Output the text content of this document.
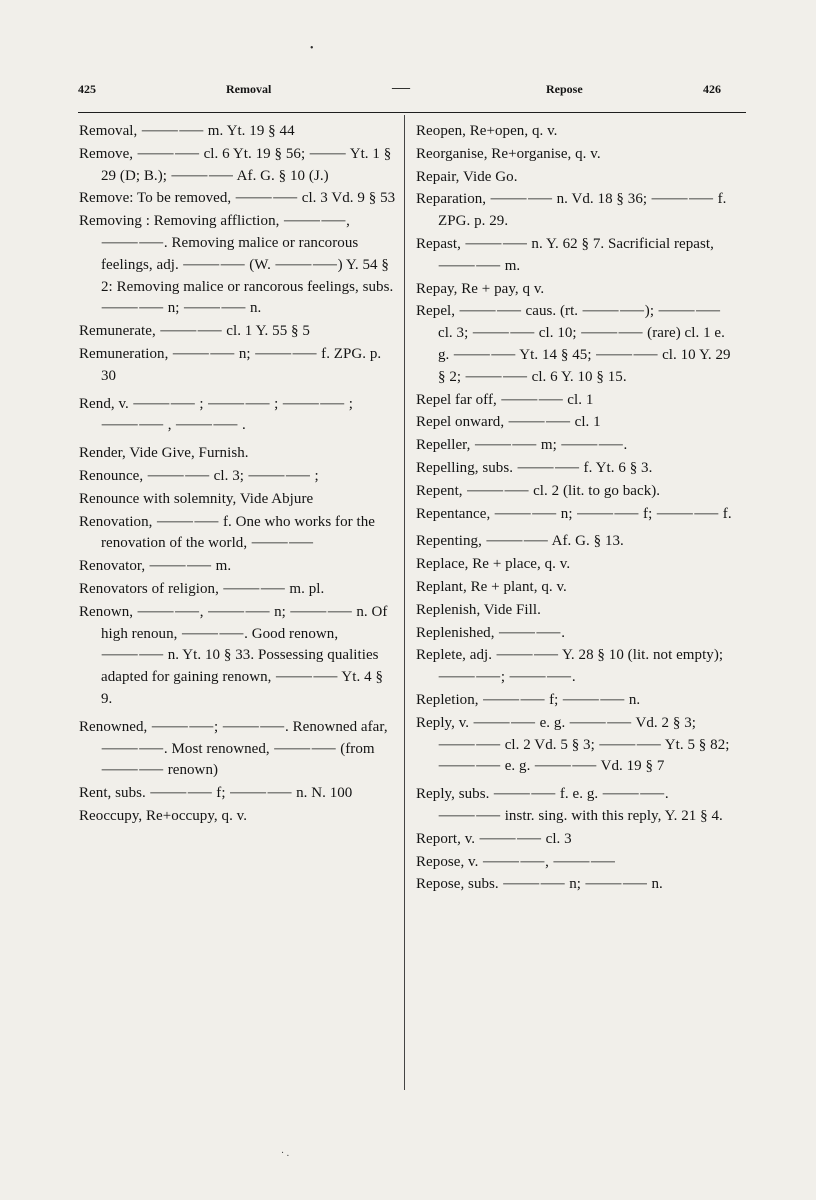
•
425	Removal	—	Repose	426

Removal, ⸻⸺ m. Yt. 19 § 44

Remove, ⸻⸺ cl. 6 Yt. 19 § 56; ⸻ Yt. 1 § 29 (D; B.); ⸻⸺ Af. G. § 10 (J.)

Remove: To be removed, ⸻⸺ cl. 3 Vd. 9 § 53

Removing : Removing affliction, ⸻⸺, ⸻⸺. Removing malice or rancorous feelings, adj. ⸻⸺ (W. ⸻⸺) Y. 54 § 2: Removing malice or rancorous feelings, subs. ⸻⸺ n; ⸻⸺ n.

Remunerate, ⸻⸺ cl. 1 Y. 55 § 5

Remuneration, ⸻⸺ n; ⸻⸺ f. ZPG. p. 30

Rend, v. ⸻⸺ ; ⸻⸺ ; ⸻⸺ ; ⸻⸺ , ⸻⸺ .

Render, Vide Give, Furnish.

Renounce, ⸻⸺ cl. 3; ⸻⸺ ;

Renounce with solemnity, Vide Abjure

Renovation, ⸻⸺ f. One who works for the renovation of the world, ⸻⸺

Renovator, ⸻⸺ m.

Renovators of religion, ⸻⸺ m. pl.

Renown, ⸻⸺, ⸻⸺ n; ⸻⸺ n. Of high renoun, ⸻⸺. Good renown, ⸻⸺ n. Yt. 10 § 33. Possessing qualities adapted for gaining renown, ⸻⸺ Yt. 4 § 9.

Renowned, ⸻⸺; ⸻⸺. Renowned afar, ⸻⸺. Most renowned, ⸻⸺ (from ⸻⸺ renown)

Rent, subs. ⸻⸺ f; ⸻⸺ n. N. 100

Reoccupy, Re+occupy, q. v.

Reopen, Re+open, q. v.

Reorganise, Re+organise, q. v.

Repair, Vide Go.

Reparation, ⸻⸺ n. Vd. 18 § 36; ⸻⸺ f. ZPG. p. 29.

Repast, ⸻⸺ n. Y. 62 § 7. Sacrificial repast, ⸻⸺ m.

Repay, Re + pay, q v.

Repel, ⸻⸺ caus. (rt. ⸻⸺); ⸻⸺ cl. 3; ⸻⸺ cl. 10; ⸻⸺ (rare) cl. 1 e. g. ⸻⸺ Yt. 14 § 45; ⸻⸺ cl. 10 Y. 29 § 2; ⸻⸺ cl. 6 Y. 10 § 15.

Repel far off, ⸻⸺ cl. 1

Repel onward, ⸻⸺ cl. 1

Repeller, ⸻⸺ m; ⸻⸺.

Repelling, subs. ⸻⸺ f. Yt. 6 § 3.

Repent, ⸻⸺ cl. 2 (lit. to go back).

Repentance, ⸻⸺ n; ⸻⸺ f; ⸻⸺ f.

Repenting, ⸻⸺ Af. G. § 13.

Replace, Re + place, q. v.

Replant, Re + plant, q. v.

Replenish, Vide Fill.

Replenished, ⸻⸺.

Replete, adj. ⸻⸺ Y. 28 § 10 (lit. not empty); ⸻⸺; ⸻⸺.

Repletion, ⸻⸺ f; ⸻⸺ n.

Reply, v. ⸻⸺ e. g. ⸻⸺ Vd. 2 § 3; ⸻⸺ cl. 2 Vd. 5 § 3; ⸻⸺ Yt. 5 § 82; ⸻⸺ e. g. ⸻⸺ Vd. 19 § 7

Reply, subs. ⸻⸺ f. e. g. ⸻⸺. ⸻⸺ instr. sing. with this reply, Y. 21 § 4.

Report, v. ⸻⸺ cl. 3

Repose, v. ⸻⸺, ⸻⸺

Repose, subs. ⸻⸺ n; ⸻⸺ n.

· .
